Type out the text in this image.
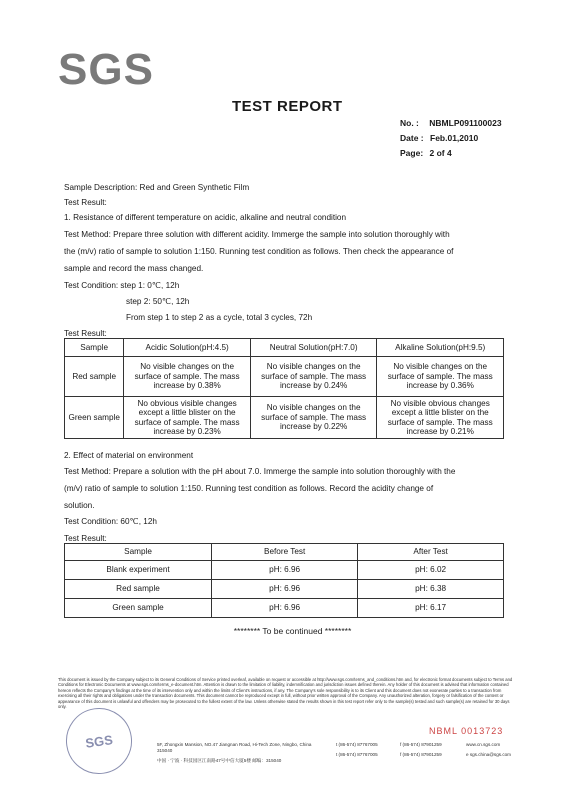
SGS
TEST REPORT
No. : NBMLP091100023
Date : Feb.01,2010
Page: 2 of 4
Sample Description: Red and Green Synthetic Film
Test Result:
1. Resistance of different temperature on acidic, alkaline and neutral condition
Test Method: Prepare three solution with different acidity. Immerge the sample into solution thoroughly with
the (m/v) ratio of sample to solution 1:150. Running test condition as follows. Then check the appearance of
sample and record the mass changed.
Test Condition: step 1: 0℃, 12h
step 2: 50℃, 12h
From step 1 to step 2 as a cycle, total 3 cycles, 72h
Test Result:
Sample	Acidic Solution(pH:4.5)	Neutral Solution(pH:7.0)	Alkaline Solution(pH:9.5)
Red sample	No visible changes on the surface of sample. The mass increase by 0.38%	No visible changes on the surface of sample. The mass increase by 0.24%	No visible changes on the surface of sample. The mass increase by 0.36%
Green sample	No obvious visible changes except a little blister on the surface of sample. The mass increase by 0.23%	No visible changes on the surface of sample. The mass increase by 0.22%	No visible obvious changes except a little blister on the surface of sample. The mass increase by 0.21%
2. Effect of material on environment
Test Method: Prepare a solution with the pH about 7.0. Immerge the sample into solution thoroughly with the
(m/v) ratio of sample to solution 1:150. Running test condition as follows. Record the acidity change of
solution.
Test Condition: 60℃, 12h
Test Result:
Sample	Before Test	After Test
Blank experiment	pH: 6.96	pH: 6.02
Red sample	pH: 6.96	pH: 6.38
Green sample	pH: 6.96	pH: 6.17
******** To be continued ********
This document is issued by the Company subject to its General Conditions of Service printed overleaf, available on request or accessible at http://www.sgs.com/terms_and_conditions.htm and, for electronic format documents subject to Terms and Conditions for Electronic Documents at www.sgs.com/terms_e-document.htm. Attention is drawn to the limitation of liability, indemnification and jurisdiction issues defined therein. Any holder of this document is advised that information contained hereon reflects the Company's findings at the time of its intervention only and within the limits of Client's instructions, if any. The Company's sole responsibility is to its Client and this document does not exonerate parties to a transaction from exercising all their rights and obligations under the transaction documents. This document cannot be reproduced except in full, without prior written approval of the Company. Any unauthorized alteration, forgery or falsification of the content or appearance of this document is unlawful and offenders may be prosecuted to the fullest extent of the law. Unless otherwise stated the results shown in this test report refer only to the sample(s) tested and such sample(s) are retained for 30 days only.
SGS
NBML 0013723
5F, Zhongxin Mansion, NO.47 Jiangnan Road, Hi-Tech Zone, Ningbo, China 315040
中国 · 宁波 · 科技园区江南路47号中信大厦5楼 邮编：315040
t (86-574) 87767005
t (86-574) 87767005
f (86-574) 87901259
f (86-574) 87901259
www.cn.sgs.com
e sgs.china@sgs.com
